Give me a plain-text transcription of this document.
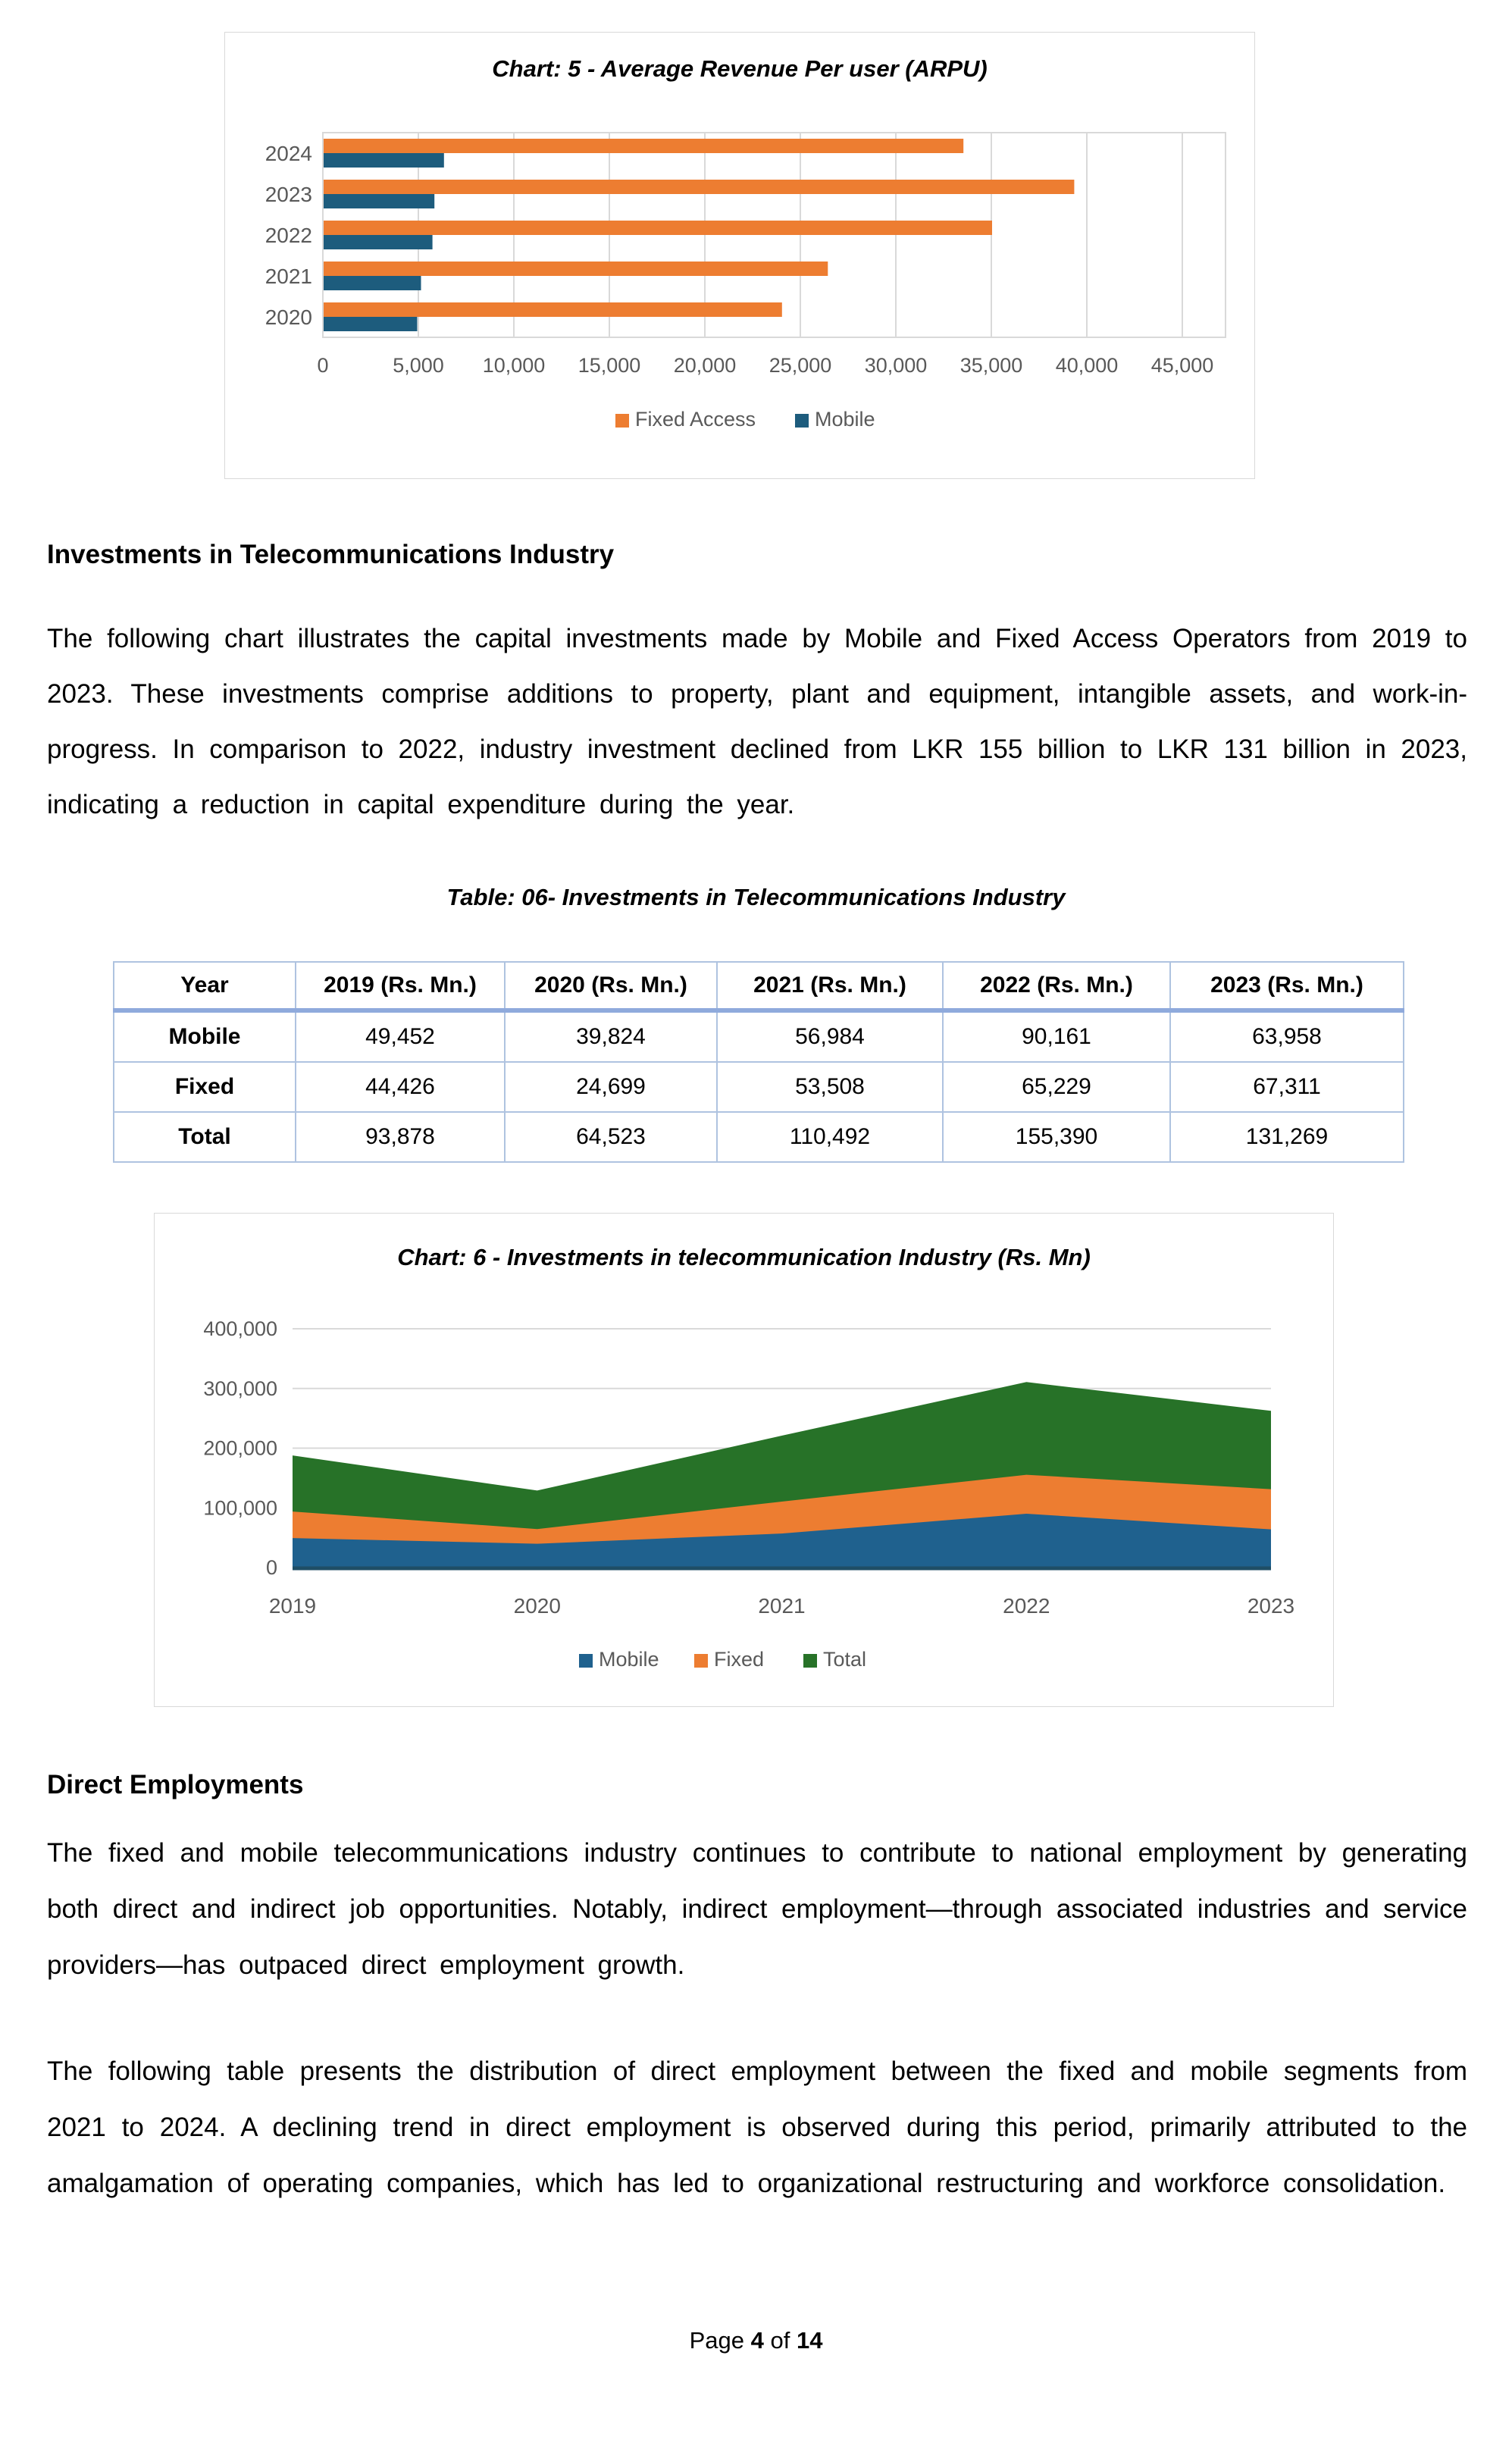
Chart: 5 - Average Revenue Per user (ARPU)
0	5,000 10,000 15,000 20,000 25,000 30,000 35,000 40,000 45,000
2024
2023
2022
2021
2020
Fixed Access	Mobile
Investments in Telecommunications Industry

The following chart illustrates the capital investments made by Mobile and Fixed Access Operators from 2019 to 2023. These investments comprise additions to property, plant and equipment, intangible assets, and work-in-progress. In comparison to 2022, industry investment declined from LKR 155 billion to LKR 131 billion in 2023, indicating a reduction in capital expenditure during the year.

Table: 06- Investments in Telecommunications Industry
Year	2019 (Rs. Mn.)	2020 (Rs. Mn.)	2021 (Rs. Mn.)	2022 (Rs. Mn.)	2023 (Rs. Mn.)
Mobile	49,452	39,824	56,984	90,161	63,958
Fixed	44,426	24,699	53,508	65,229	67,311
Total	93,878	64,523	110,492	155,390	131,269
Chart: 6 - Investments in telecommunication Industry (Rs. Mn)
0
100,000
200,000
300,000
400,000
2019	2020	2021	2022	2023
Mobile	Fixed	Total
Direct Employments

The fixed and mobile telecommunications industry continues to contribute to national employment by generating both direct and indirect job opportunities. Notably, indirect employment—through associated industries and service providers—has outpaced direct employment growth.

The following table presents the distribution of direct employment between the fixed and mobile segments from 2021 to 2024. A declining trend in direct employment is observed during this period, primarily attributed to the amalgamation of operating companies, which has led to organizational restructuring and workforce consolidation.

Page 4 of 14
